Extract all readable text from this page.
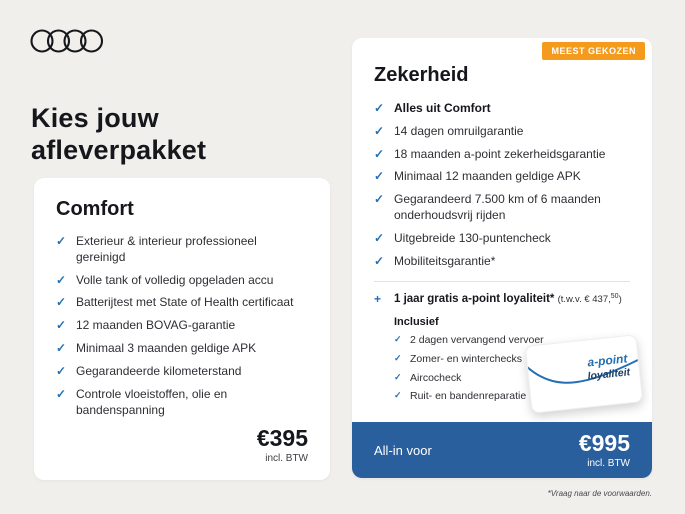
Kies jouw afleverpakket
Comfort
✓ Exterieur & interieur professioneel gereinigd
✓ Volle tank of volledig opgeladen accu
✓ Batterijtest met State of Health certificaat
✓ 12 maanden BOVAG-garantie
✓ Minimaal 3 maanden geldige APK
✓ Gegarandeerde kilometerstand
✓ Controle vloeistoffen, olie en bandenspanning
€395
incl. BTW
MEEST GEKOZEN
Zekerheid
✓ Alles uit Comfort
✓ 14 dagen omruilgarantie
✓ 18 maanden a-point zekerheidsgarantie
✓ Minimaal 12 maanden geldige APK
✓ Gegarandeerd 7.500 km of 6 maanden onderhoudsvrij rijden
✓ Uitgebreide 130-puntencheck
✓ Mobiliteitsgarantie*
+	1 jaar gratis a-point loyaliteit* (t.w.v. € 437,50)
Inclusief
✓ 2 dagen vervangend vervoer
✓ Zomer- en winterchecks
✓ Aircocheck
✓ Ruit- en bandenreparatie
a-point
loyaliteit
All-in voor	€995
incl. BTW
*Vraag naar de voorwaarden.
